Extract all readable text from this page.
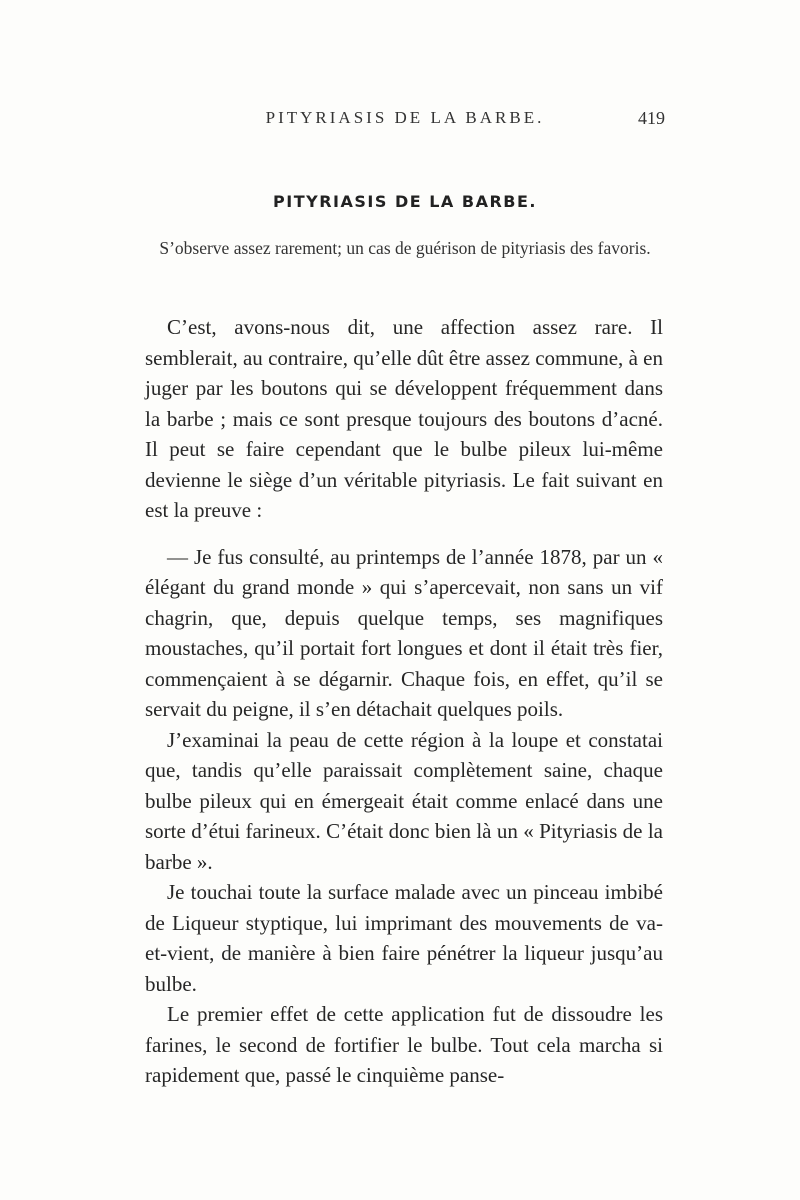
PITYRIASIS DE LA BARBE.	419
PITYRIASIS DE LA BARBE.
S’observe assez rarement; un cas de guérison de pityriasis des favoris.

C’est, avons-nous dit, une affection assez rare. Il semblerait, au contraire, qu’elle dût être assez commune, à en juger par les boutons qui se développent fréquemment dans la barbe ; mais ce sont presque toujours des boutons d’acné. Il peut se faire cependant que le bulbe pileux lui-même devienne le siège d’un véritable pityriasis. Le fait suivant en est la preuve :

— Je fus consulté, au printemps de l’année 1878, par un « élégant du grand monde » qui s’apercevait, non sans un vif chagrin, que, depuis quelque temps, ses magnifiques moustaches, qu’il portait fort longues et dont il était très fier, commençaient à se dégarnir. Chaque fois, en effet, qu’il se servait du peigne, il s’en détachait quelques poils.

J’examinai la peau de cette région à la loupe et constatai que, tandis qu’elle paraissait complètement saine, chaque bulbe pileux qui en émergeait était comme enlacé dans une sorte d’étui farineux. C’était donc bien là un « Pityriasis de la barbe ».

Je touchai toute la surface malade avec un pinceau imbibé de Liqueur styptique, lui imprimant des mouvements de va-et-vient, de manière à bien faire pénétrer la liqueur jusqu’au bulbe.

Le premier effet de cette application fut de dissoudre les farines, le second de fortifier le bulbe. Tout cela marcha si rapidement que, passé le cinquième panse-
